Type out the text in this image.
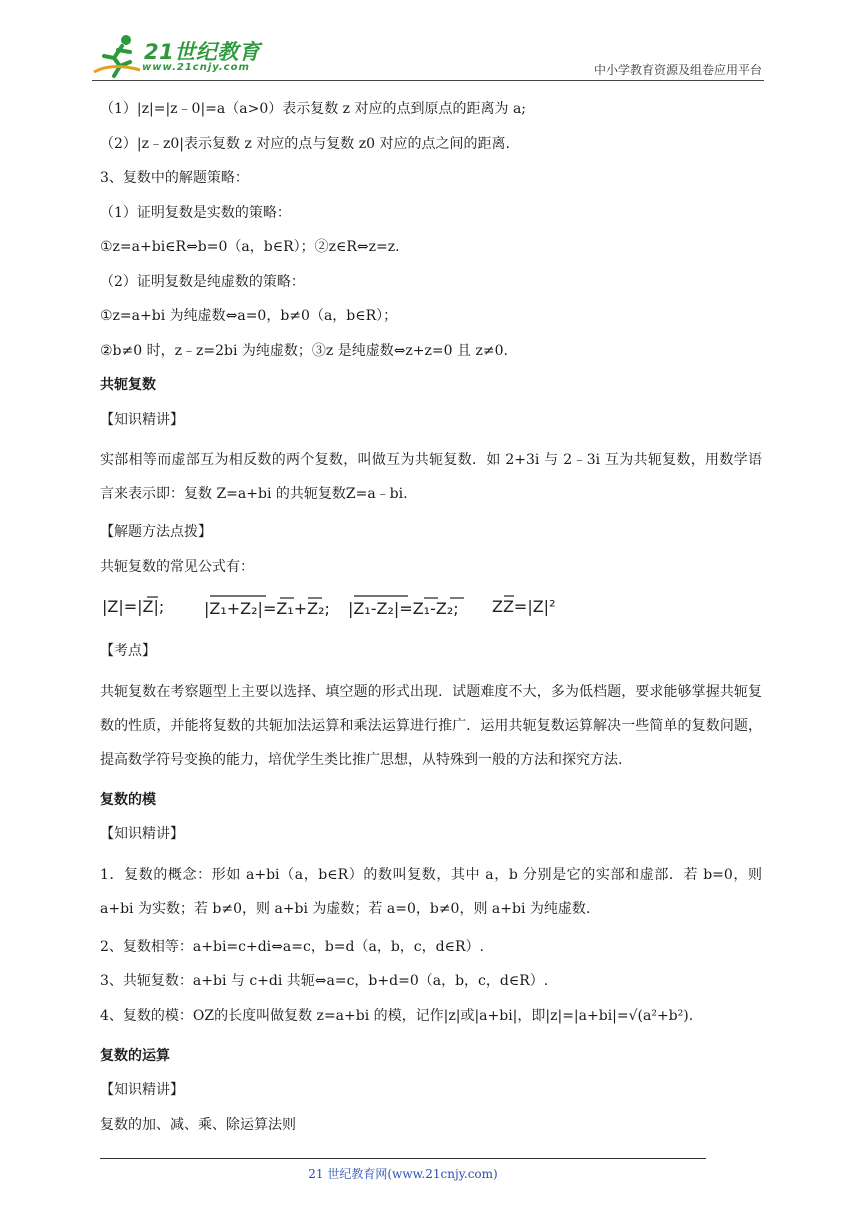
21世纪教育
www.21cnjy.com	中小学教育资源及组卷应用平台

（1）|z|=|z﹣0|=a（a>0）表示复数 z 对应的点到原点的距离为 a;

（2）|z﹣z0|表示复数 z 对应的点与复数 z0 对应的点之间的距离.

3、复数中的解题策略：

（1）证明复数是实数的策略：

①z=a+bi∈R⇔b=0（a，b∈R）；②z∈R⇔z=z.

（2）证明复数是纯虚数的策略：

①z=a+bi 为纯虚数⇔a=0，b≠0（a，b∈R）；

②b≠0 时，z﹣z=2bi 为纯虚数；③z 是纯虚数⇔z+z=0 且 z≠0.

共轭复数

【知识精讲】

实部相等而虚部互为相反数的两个复数，叫做互为共轭复数．如 2+3i 与 2﹣3i 互为共轭复数，用数学语言来表示即：复数 Z=a+bi 的共轭复数Z=a﹣bi.

【解题方法点拨】

共轭复数的常见公式有：

|Z|=|Z|; |Z₁+Z₂|=Z₁+Z₂; |Z₁-Z₂|=Z₁-Z₂; ZZ=|Z|²

【考点】

共轭复数在考察题型上主要以选择、填空题的形式出现．试题难度不大，多为低档题，要求能够掌握共轭复数的性质，并能将复数的共轭加法运算和乘法运算进行推广．运用共轭复数运算解决一些简单的复数问题，提高数学符号变换的能力，培优学生类比推广思想，从特殊到一般的方法和探究方法.

复数的模

【知识精讲】

1．复数的概念：形如 a+bi（a，b∈R）的数叫复数，其中 a，b 分别是它的实部和虚部．若 b=0，则 a+bi 为实数；若 b≠0，则 a+bi 为虚数；若 a=0，b≠0，则 a+bi 为纯虚数.

2、复数相等：a+bi=c+di⇔a=c，b=d（a，b，c，d∈R）.

3、共轭复数：a+bi 与 c+di 共轭⇔a=c，b+d=0（a，b，c，d∈R）.

4、复数的模：OZ的长度叫做复数 z=a+bi 的模，记作|z|或|a+bi|，即|z|=|a+bi|=√(a²+b²).

复数的运算

【知识精讲】

复数的加、减、乘、除运算法则

21 世纪教育网(www.21cnjy.com)
